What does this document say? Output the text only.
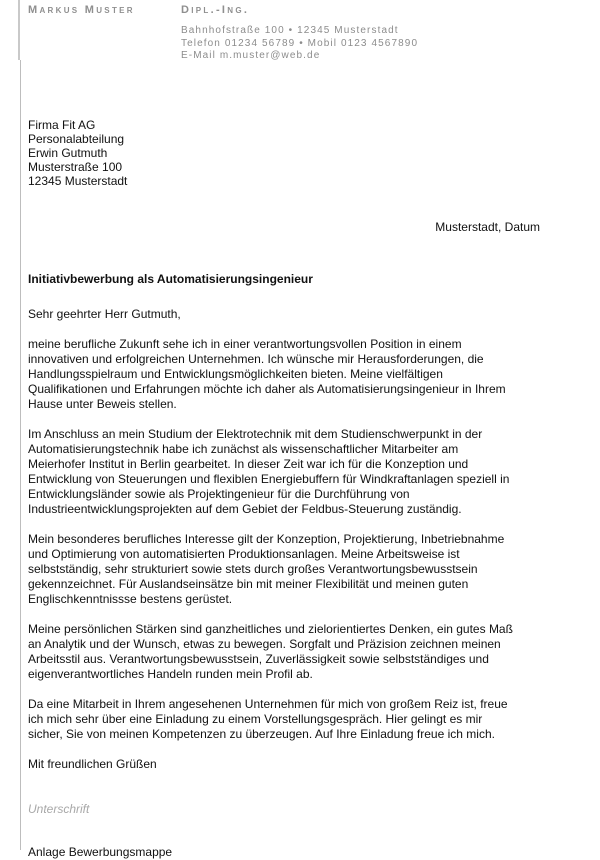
Markus Muster	Dipl.-Ing.
Bahnhofstraße 100 • 12345 Musterstadt
Telefon 01234 56789 • Mobil 0123 4567890
E-Mail m.muster@web.de
Firma Fit AG
Personalabteilung
Erwin Gutmuth
Musterstraße 100
12345 Musterstadt
Musterstadt, Datum
Initiativbewerbung als Automatisierungsingenieur

Sehr geehrter Herr Gutmuth,

meine berufliche Zukunft sehe ich in einer verantwortungsvollen Position in einem
innovativen und erfolgreichen Unternehmen. Ich wünsche mir Herausforderungen, die
Handlungsspielraum und Entwicklungsmöglichkeiten bieten. Meine vielfältigen
Qualifikationen und Erfahrungen möchte ich daher als Automatisierungsingenieur in Ihrem
Hause unter Beweis stellen.

Im Anschluss an mein Studium der Elektrotechnik mit dem Studienschwerpunkt in der
Automatisierungstechnik habe ich zunächst als wissenschaftlicher Mitarbeiter am
Meierhofer Institut in Berlin gearbeitet. In dieser Zeit war ich für die Konzeption und
Entwicklung von Steuerungen und flexiblen Energiebuffern für Windkraftanlagen speziell in
Entwicklungsländer sowie als Projektingenieur für die Durchführung von
Industrieentwicklungsprojekten auf dem Gebiet der Feldbus-Steuerung zuständig.

Mein besonderes berufliches Interesse gilt der Konzeption, Projektierung, Inbetriebnahme
und Optimierung von automatisierten Produktionsanlagen. Meine Arbeitsweise ist
selbstständig, sehr strukturiert sowie stets durch großes Verantwortungsbewusstsein
gekennzeichnet. Für Auslandseinsätze bin mit meiner Flexibilität und meinen guten
Englischkenntnissse bestens gerüstet.

Meine persönlichen Stärken sind ganzheitliches und zielorientiertes Denken, ein gutes Maß
an Analytik und der Wunsch, etwas zu bewegen. Sorgfalt und Präzision zeichnen meinen
Arbeitsstil aus. Verantwortungsbewusstsein, Zuverlässigkeit sowie selbstständiges und
eigenverantwortliches Handeln runden mein Profil ab.

Da eine Mitarbeit in Ihrem angesehenen Unternehmen für mich von großem Reiz ist, freue
ich mich sehr über eine Einladung zu einem Vorstellungsgespräch. Hier gelingt es mir
sicher, Sie von meinen Kompetenzen zu überzeugen. Auf Ihre Einladung freue ich mich.

Mit freundlichen Grüßen
Unterschrift
Anlage Bewerbungsmappe
